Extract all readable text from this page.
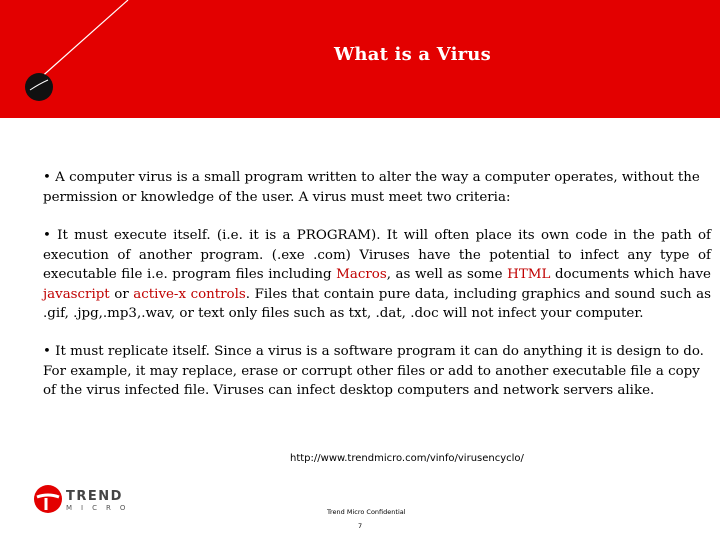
What is a Virus

• A computer virus is a small program written to alter the way a computer operates, without the permission or knowledge of the user. A virus must meet two criteria:

• It must execute itself. (i.e. it is a PROGRAM). It will often place its own code in the path of execution of another program. (.exe .com) Viruses have the potential to infect any type of executable file i.e. program files including Macros, as well as some HTML documents which have javascript or active-x controls. Files that contain pure data, including graphics and sound such as .gif, .jpg,.mp3,.wav, or text only files such as txt, .dat, .doc will not infect your computer.

• It must replicate itself. Since a virus is a software program it can do anything it is design to do. For example, it may replace, erase or corrupt other files or add to another executable file a copy of the virus infected file. Viruses can infect desktop computers and network servers alike.

http://www.trendmicro.com/vinfo/virusencyclo/
TREND
MICRO	Trend Micro Confidential
7
